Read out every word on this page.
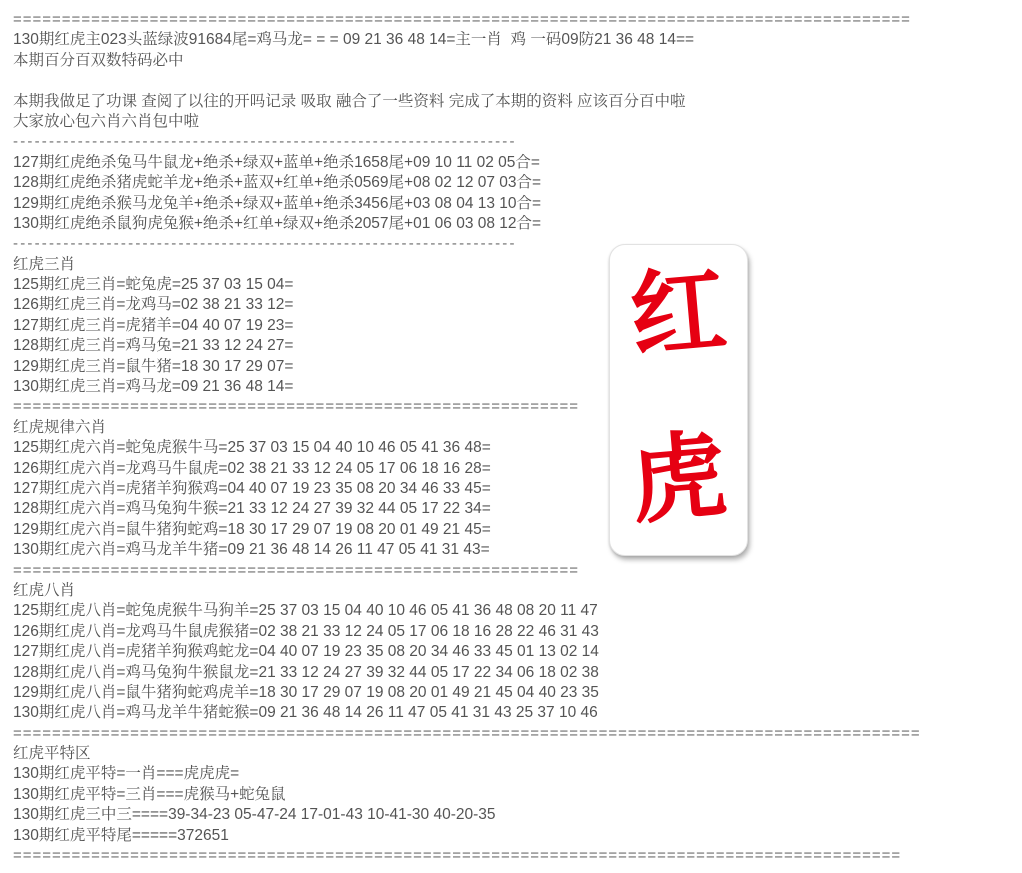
============================================================================================
130期红虎主023头蓝绿波91684尾=鸡马龙= = = 09 21 36 48 14=主一肖  鸡 一码09防21 36 48 14==
本期百分百双数特码必中
本期我做足了功课 查阅了以往的开吗记录 吸取 融合了一些资料 完成了本期的资料 应该百分百中啦
大家放心包六肖六肖包中啦
----------------------------------------------------------------------
127期红虎绝杀兔马牛鼠龙+绝杀+绿双+蓝单+绝杀1658尾+09 10 11 02 05合=
128期红虎绝杀猪虎蛇羊龙+绝杀+蓝双+红单+绝杀0569尾+08 02 12 07 03合=
129期红虎绝杀猴马龙兔羊+绝杀+绿双+蓝单+绝杀3456尾+03 08 04 13 10合=
130期红虎绝杀鼠狗虎兔猴+绝杀+红单+绿双+绝杀2057尾+01 06 03 08 12合=
----------------------------------------------------------------------
红虎三肖
125期红虎三肖=蛇兔虎=25 37 03 15 04=
126期红虎三肖=龙鸡马=02 38 21 33 12=
127期红虎三肖=虎猪羊=04 40 07 19 23=
128期红虎三肖=鸡马兔=21 33 12 24 27=
129期红虎三肖=鼠牛猪=18 30 17 29 07=
130期红虎三肖=鸡马龙=09 21 36 48 14=
==========================================================
红虎规律六肖
125期红虎六肖=蛇兔虎猴牛马=25 37 03 15 04 40 10 46 05 41 36 48=
126期红虎六肖=龙鸡马牛鼠虎=02 38 21 33 12 24 05 17 06 18 16 28=
127期红虎六肖=虎猪羊狗猴鸡=04 40 07 19 23 35 08 20 34 46 33 45=
128期红虎六肖=鸡马兔狗牛猴=21 33 12 24 27 39 32 44 05 17 22 34=
129期红虎六肖=鼠牛猪狗蛇鸡=18 30 17 29 07 19 08 20 01 49 21 45=
130期红虎六肖=鸡马龙羊牛猪=09 21 36 48 14 26 11 47 05 41 31 43=
==========================================================
红虎八肖
125期红虎八肖=蛇兔虎猴牛马狗羊=25 37 03 15 04 40 10 46 05 41 36 48 08 20 11 47
126期红虎八肖=龙鸡马牛鼠虎猴猪=02 38 21 33 12 24 05 17 06 18 16 28 22 46 31 43
127期红虎八肖=虎猪羊狗猴鸡蛇龙=04 40 07 19 23 35 08 20 34 46 33 45 01 13 02 14
128期红虎八肖=鸡马兔狗牛猴鼠龙=21 33 12 24 27 39 32 44 05 17 22 34 06 18 02 38
129期红虎八肖=鼠牛猪狗蛇鸡虎羊=18 30 17 29 07 19 08 20 01 49 21 45 04 40 23 35
130期红虎八肖=鸡马龙羊牛猪蛇猴=09 21 36 48 14 26 11 47 05 41 31 43 25 37 10 46
=============================================================================================
红虎平特区
130期红虎平特=一肖===虎虎虎=
130期红虎平特=三肖===虎猴马+蛇兔鼠
130期红虎三中三====39-34-23 05-47-24 17-01-43 10-41-30 40-20-35
130期红虎平特尾=====372651
===========================================================================================
红
虎
